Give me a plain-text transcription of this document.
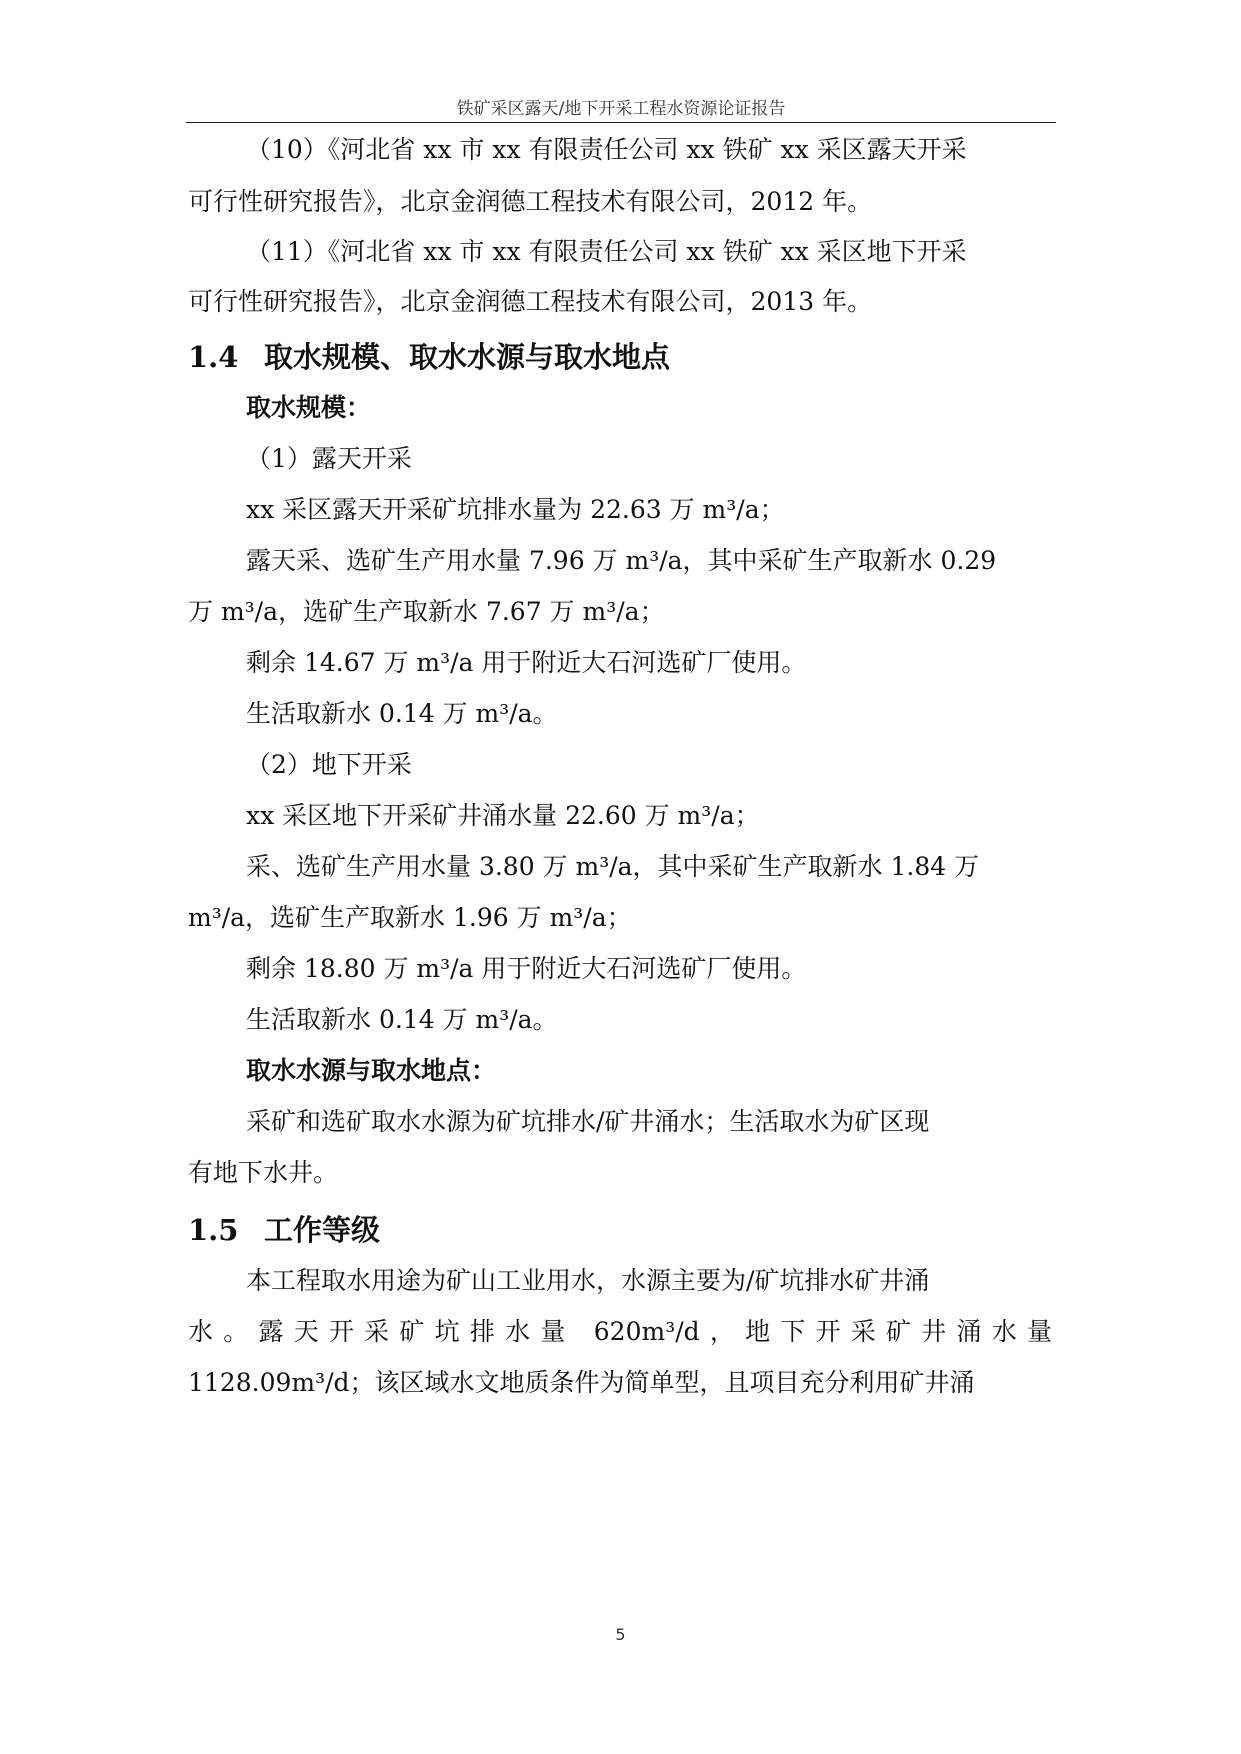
铁矿采区露天/地下开采工程水资源论证报告
（10）《河北省 xx 市 xx 有限责任公司 xx 铁矿 xx 采区露天开采
可行性研究报告》，北京金润德工程技术有限公司，2012 年。
（11）《河北省 xx 市 xx 有限责任公司 xx 铁矿 xx 采区地下开采
可行性研究报告》，北京金润德工程技术有限公司，2013 年。
1.4 取水规模、取水水源与取水地点
取水规模：
（1）露天开采
xx 采区露天开采矿坑排水量为 22.63 万 m³/a；
露天采、选矿生产用水量 7.96 万 m³/a，其中采矿生产取新水 0.29
万 m³/a，选矿生产取新水 7.67 万 m³/a；
剩余 14.67 万 m³/a 用于附近大石河选矿厂使用。
生活取新水 0.14 万 m³/a。
（2）地下开采
xx 采区地下开采矿井涌水量 22.60 万 m³/a；
采、选矿生产用水量 3.80 万 m³/a，其中采矿生产取新水 1.84 万
m³/a，选矿生产取新水 1.96 万 m³/a；
剩余 18.80 万 m³/a 用于附近大石河选矿厂使用。
生活取新水 0.14 万 m³/a。
取水水源与取水地点：
采矿和选矿取水水源为矿坑排水/矿井涌水；生活取水为矿区现
有地下水井。
1.5 工作等级
本工程取水用途为矿山工业用水，水源主要为/矿坑排水矿井涌
水。露天开采矿坑排水量 620m³/d，地下开采矿井涌水量
1128.09m³/d；该区域水文地质条件为简单型，且项目充分利用矿井涌
5
